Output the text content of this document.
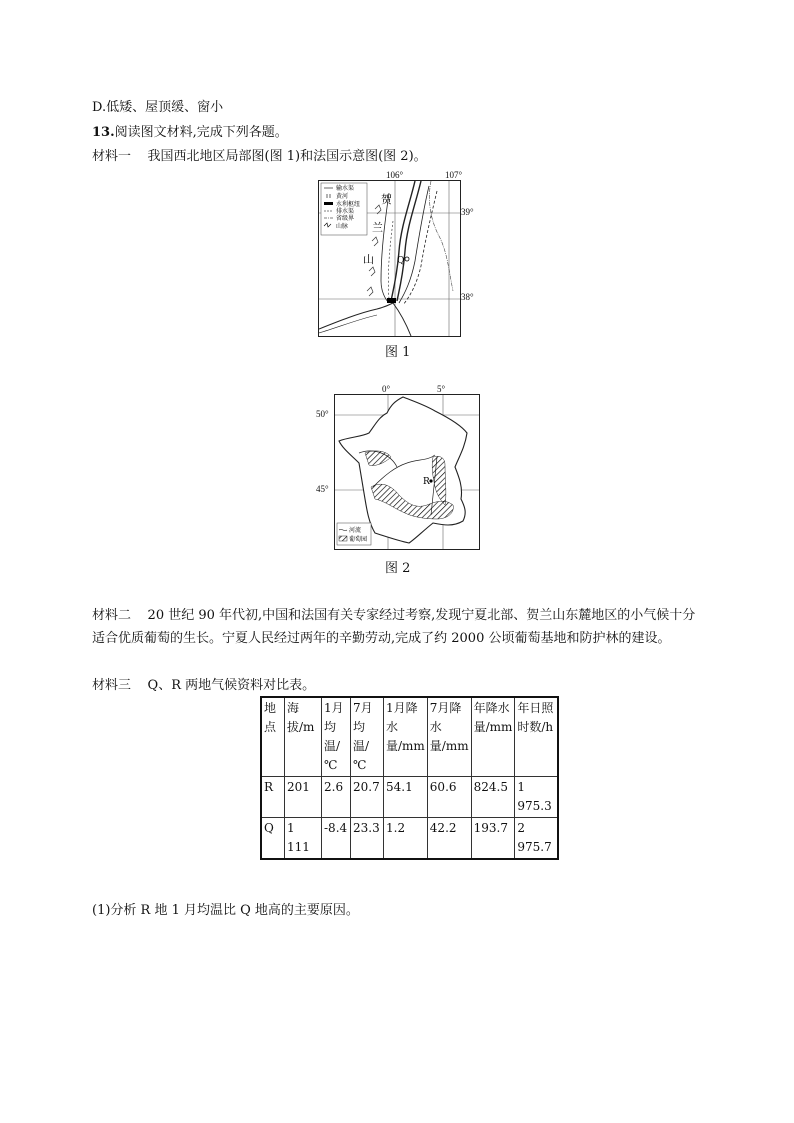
D.低矮、屋顶缓、窗小
13.阅读图文材料,完成下列各题。
材料一 我国西北地区局部图(图 1)和法国示意图(图 2)。
106°	107°
39°
38°
输水渠
黄河
水利枢纽
排水渠
省级界
山脉
贺
兰
山	Q
图 1
0°	5°
50°
45°
R
河流
葡萄园
图 2
材料二 20 世纪 90 年代初,中国和法国有关专家经过考察,发现宁夏北部、贺兰山东麓地区的小气候十分适合优质葡萄的生长。宁夏人民经过两年的辛勤劳动,完成了约 2000 公顷葡萄基地和防护林的建设。
材料三 Q、R 两地气候资料对比表。
地点	海拔/m	1月均温/℃	7月均温/℃	1月降水量/mm	7月降水量/mm	年降水量/mm	年日照时数/h
R	201	2.6	20.7	54.1	60.6	824.5	1 975.3
Q	1 111	-8.4	23.3	1.2	42.2	193.7	2 975.7
(1)分析 R 地 1 月均温比 Q 地高的主要原因。
